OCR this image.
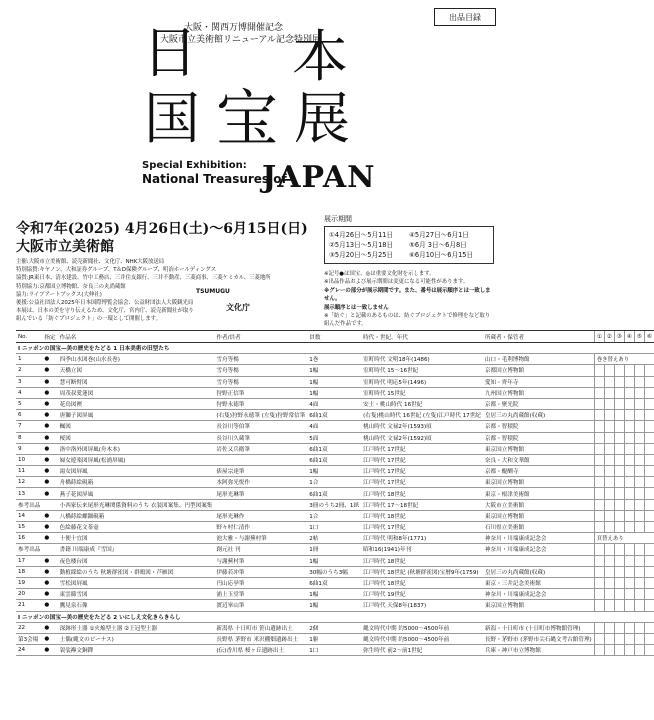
出品目録
大阪・関西万博開催記念
大阪市立美術館リニューアル記念特別展
日 本
国 宝 展
Special Exhibition:
National Treasures of
JAPAN
令和7年(2025) 4月26日(土)～6月15日(日)
大阪市立美術館
主催:大阪市立美術館、読売新聞社、文化庁、NHK大阪放送局
特別協賛:キヤノン、大和証券グループ、T＆D保険グループ、明治ホールディングス
協賛:JR東日本、清水建設、竹中工務店、三井住友銀行、三井不動産、三菱商事、三菱ケミカル、三菱地所
特別協力:京都国立博物館、奈良三の丸尚蔵館
協力:ライブアートブックス(大伸社)
後援:公益社団法人2025年日本国際博覧会協会、公益財団法人大阪観光局
本展は、日本の美を守り伝えるため、文化庁、宮内庁、読売新聞社が取り組んでいる「紡ぐプロジェクト」の一環として開催します。
TSUMUGU
文化庁
展示期間
①4月26日～5月11日	④5月27日～6月1日
②5月13日～5月18日	⑤6月 3日～6月8日
③5月20日～5月25日	⑥6月10日～6月15日
※記号●は国宝、◎は重要文化財を示します。
※出品作品および展示期間は変更になる可能性があります。
※グレーの部分が展示期間です。また、番号は展示順序とは一致しません。
展示順序とは一致しません
※「紡ぐ」と記載のあるものは、紡ぐプロジェクトで修理をなど取り組んだ作品です。
No.	指定	作品名	作者/員者	員数	時代・世紀、年代	所蔵者・保管者	①	②	③	④	⑤	⑥
Ⅰ ニッポンの国宝—美の歴史をたどる 1 日本美術の旧型たち												
1	●	四季山水図巻(山水長巻)	雪舟等楊	1巻	室町時代 文明18年(1486)	山口・毛利博物館	巻き替えあり					
2	●	天橋立図	雪舟等楊	1幅	室町時代 15〜16世紀	京都国立博物館						
3	●	慧可断臂図	雪舟等楊	1幅	室町時代 明応5年(1496)	愛知・齊年寺						
4	●	周茂叔愛蓮図	狩野正信筆	1幅	室町時代 15世紀	九州国立博物館						
5	●	花鳥図襖	狩野永徳筆	4面	安土・桃山時代 16世紀	京都・聚光院						
6	●	唐獅子図屏風	(右隻)狩野永徳筆 (左隻)狩野常信筆	6曲1双	(右隻)桃山時代 16世紀 (左隻)江戸時代 17世紀	皇居三の丸尚蔵館(収蔵)						
7	●	楓図	長谷川等伯筆	4面	桃山時代 文禄2年(1593)頃	京都・智積院						
8	●	桜図	長谷川久蔵筆	5面	桃山時代 文禄2年(1592)頃	京都・智積院						
9	●	洛中洛外図屏風(舟木本)	岩佐又兵衛筆	6曲1双	江戸時代 17世紀	東京国立博物館						
10	●	婦女遊楽図屏風(松浦屏風)		6曲1双	江戸時代 17世紀	奈良・大和文華館						
11	●	湯女図屏風	俵屋宗達筆	1幅	江戸時代 17世紀	京都・醍醐寺						
12	●	舟橋蒔絵硯箱	本阿弥光悦作	1合	江戸時代 17世紀	東京国立博物館						
13	●	燕子花図屏風	尾形光琳筆	6曲1双	江戸時代 18世紀	東京・根津美術館						
参考出品		小西家伝来尾形光琳関係資料のうち 衣装図案集、円型図案集		3冊のうち2冊、1紙	江戸時代 17〜18世紀	大阪市立美術館						
14	●	八橋蒔絵螺鈿硯箱	尾形光琳作	1合	江戸時代 18世紀	東京国立博物館						
15	●	色絵藤花文茶壺	野々村仁清作	1口	江戸時代 17世紀	石川県立美術館						
16	●	十便十宜図	池大雅・与謝蕪村筆	2帖	江戸時代 明和8年(1771)	神奈川・川端康成記念会	頁替えあり					
参考出品		書籍 川端康成『雪国』	創元社 刊	1冊	昭和16(1941)年刊	神奈川・川端康成記念会						
17	●	夜色楼台図	与謝蕪村筆	1幅	江戸時代 18世紀							
18	●	動植綵絵のうち 秋塘群雀図・群鶏図・芦雁図	伊藤若冲筆	30幅のうち3幅	江戸時代 18世紀 (秋塘群雀図)宝暦9年(1759)	皇居三の丸尚蔵館(収蔵)						
19	●	雪松図屏風	円山応挙筆	6曲1双	江戸時代 18世紀	東京・三井記念美術館						
20	●	東雲篩雪図	浦上玉堂筆	1幅	江戸時代 19世紀	神奈川・川端康成記念会						
21	●	鷹見泉石像	渡辺崋山筆	1幅	江戸時代 天保8年(1837)	東京国立博物館						
Ⅰ ニッポンの国宝—美の歴史をたどる 2 いにしえ文化きらきらし												
22	●	深鉢形土器 ①火焔型土器 ②王冠型土器	新潟県 十日町市 笹山遺跡出土	2個	縄文時代中期 約5000〜4500年前	新潟・十日町市 (十日町市博物館管理)						
第3会場	●	土偶(縄文のビーナス)	長野県 茅野市 米沢棚畑遺跡出土	1躯	縄文時代中期 約5000〜4500年前	長野・茅野市 (茅野市尖石縄文考古館管理)						
24	●	袈裟襷文銅鐸	(伝)香川県 桜ヶ丘遺跡出土	1口	弥生時代 前2〜前1世紀	兵庫・神戸市立博物館						
